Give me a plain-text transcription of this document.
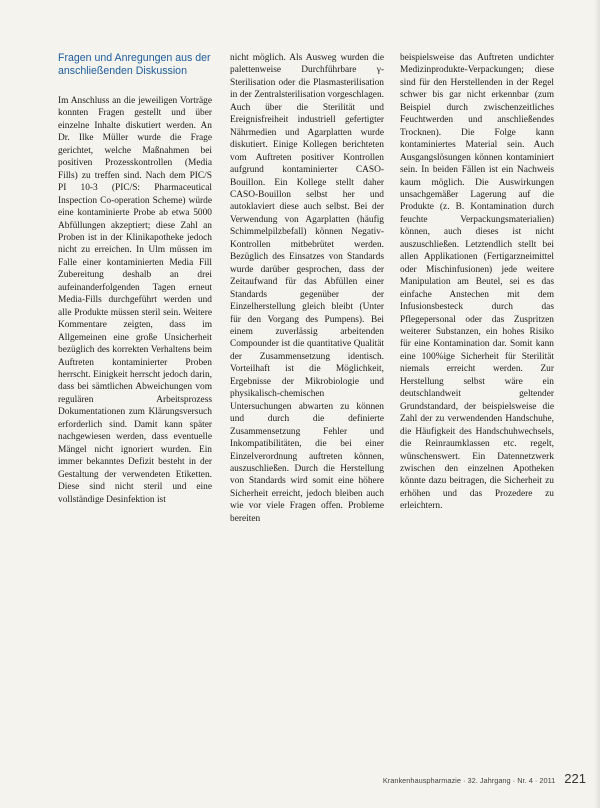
Fragen und Anregungen aus der anschließenden Diskussion

Im Anschluss an die jeweiligen Vorträge konnten Fragen gestellt und über einzelne Inhalte diskutiert werden. An Dr. Ilke Müller wurde die Frage gerichtet, welche Maßnahmen bei positiven Prozesskontrollen (Media Fills) zu treffen sind. Nach dem PIC/S PI 10-3 (PIC/S: Pharmaceutical Inspection Co-operation Scheme) würde eine kontaminierte Probe ab etwa 5000 Abfüllungen akzeptiert; diese Zahl an Proben ist in der Klinikapotheke jedoch nicht zu erreichen. In Ulm müssen im Falle einer kontaminierten Media Fill Zubereitung deshalb an drei aufeinanderfolgenden Tagen erneut Media-Fills durchgeführt werden und alle Produkte müssen steril sein. Weitere Kommentare zeigten, dass im Allgemeinen eine große Unsicherheit bezüglich des korrekten Verhaltens beim Auftreten kontaminierter Proben herrscht. Einigkeit herrscht jedoch darin, dass bei sämtlichen Abweichungen vom regulären Arbeitsprozess Dokumentationen zum Klärungsversuch erforderlich sind. Damit kann später nachgewiesen werden, dass eventuelle Mängel nicht ignoriert wurden. Ein immer bekanntes Defizit besteht in der Gestaltung der verwendeten Etiketten. Diese sind nicht steril und eine vollständige Desinfektion ist

nicht möglich. Als Ausweg wurden die palettenweise Durchführbare γ-Sterilisation oder die Plasmasterilisation in der Zentralsterilisation vorgeschlagen. Auch über die Sterilität und Ereignisfreiheit industriell gefertigter Nährmedien und Agarplatten wurde diskutiert. Einige Kollegen berichteten vom Auftreten positiver Kontrollen aufgrund kontaminierter CASO-Bouillon. Ein Kollege stellt daher CASO-Bouillon selbst her und autoklaviert diese auch selbst. Bei der Verwendung von Agarplatten (häufig Schimmelpilzbefall) können Negativ-Kontrollen mitbebrütet werden. Bezüglich des Einsatzes von Standards wurde darüber gesprochen, dass der Zeitaufwand für das Abfüllen einer Standards gegenüber der Einzelherstellung gleich bleibt (Unter für den Vorgang des Pumpens). Bei einem zuverlässig arbeitenden Compounder ist die quantitative Qualität der Zusammensetzung identisch. Vorteilhaft ist die Möglichkeit, Ergebnisse der Mikrobiologie und physikalisch-chemischen Untersuchungen abwarten zu können und durch die definierte Zusammensetzung Fehler und Inkompatibilitäten, die bei einer Einzelverordnung auftreten können, auszuschließen. Durch die Herstellung von Standards wird somit eine höhere Sicherheit erreicht, jedoch bleiben auch wie vor viele Fragen offen. Probleme bereiten

beispielsweise das Auftreten undichter Medizinprodukte-Verpackungen; diese sind für den Herstellenden in der Regel schwer bis gar nicht erkennbar (zum Beispiel durch zwischenzeitliches Feuchtwerden und anschließendes Trocknen). Die Folge kann kontaminiertes Material sein. Auch Ausgangslösungen können kontaminiert sein. In beiden Fällen ist ein Nachweis kaum möglich. Die Auswirkungen unsachgemäßer Lagerung auf die Produkte (z. B. Kontamination durch feuchte Verpackungsmaterialien) können, auch dieses ist nicht auszuschließen. Letztendlich stellt bei allen Applikationen (Fertigarzneimittel oder Mischinfusionen) jede weitere Manipulation am Beutel, sei es das einfache Anstechen mit dem Infusionsbesteck durch das Pflegepersonal oder das Zuspritzen weiterer Substanzen, ein hohes Risiko für eine Kontamination dar. Somit kann eine 100%ige Sicherheit für Sterilität niemals erreicht werden. Zur Herstellung selbst wäre ein deutschlandweit geltender Grundstandard, der beispielsweise die Zahl der zu verwendenden Handschuhe, die Häufigkeit des Handschuhwechsels, die Reinraumklassen etc. regelt, wünschenswert. Ein Datennetzwerk zwischen den einzelnen Apotheken könnte dazu beitragen, die Sicherheit zu erhöhen und das Prozedere zu erleichtern.

Krankenhauspharmazie · 32. Jahrgang · Nr. 4 · 2011 221
